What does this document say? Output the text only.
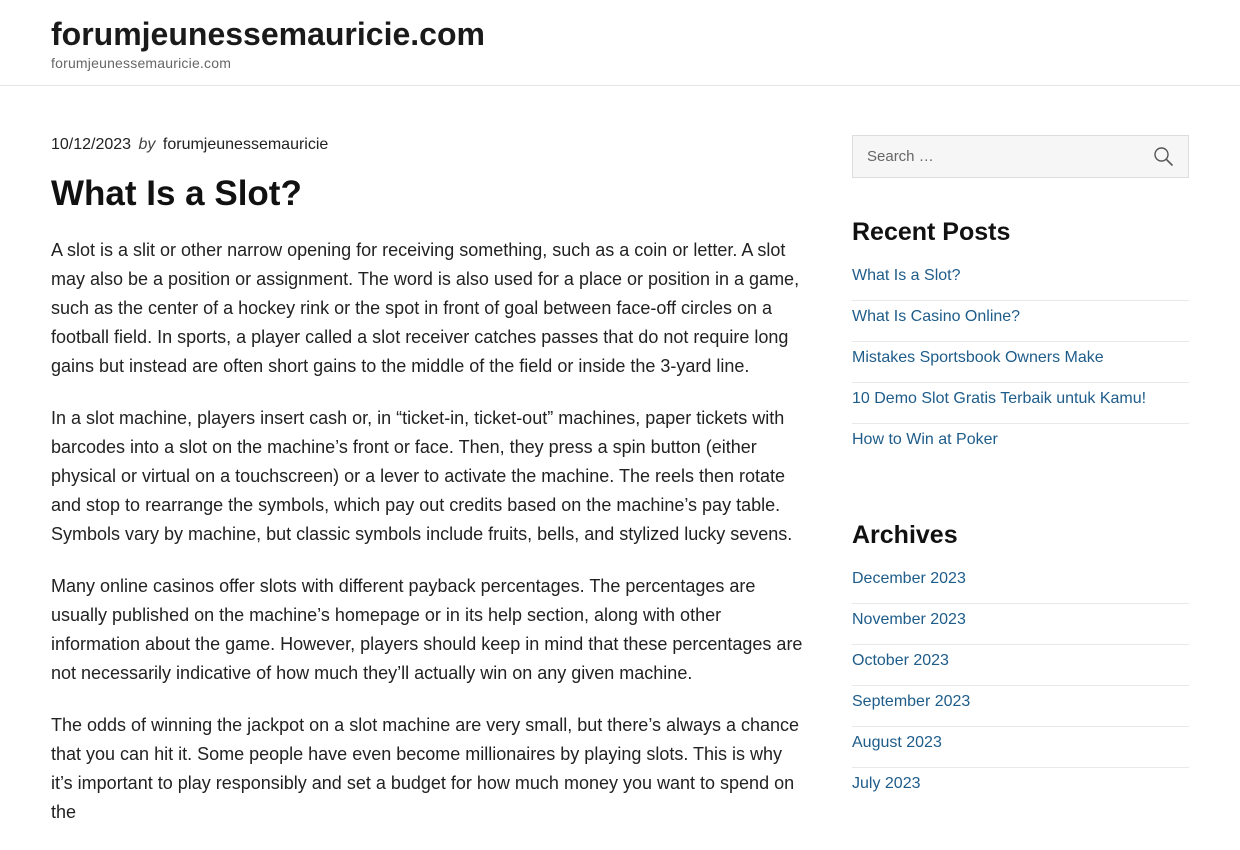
forumjeunessemauricie.com
forumjeunessemauricie.com
10/12/2023 by forumjeunessemauricie
What Is a Slot?

A slot is a slit or other narrow opening for receiving something, such as a coin or letter. A slot may also be a position or assignment. The word is also used for a place or position in a game, such as the center of a hockey rink or the spot in front of goal between face-off circles on a football field. In sports, a player called a slot receiver catches passes that do not require long gains but instead are often short gains to the middle of the field or inside the 3-yard line.

In a slot machine, players insert cash or, in “ticket-in, ticket-out” machines, paper tickets with barcodes into a slot on the machine’s front or face. Then, they press a spin button (either physical or virtual on a touchscreen) or a lever to activate the machine. The reels then rotate and stop to rearrange the symbols, which pay out credits based on the machine’s pay table. Symbols vary by machine, but classic symbols include fruits, bells, and stylized lucky sevens.

Many online casinos offer slots with different payback percentages. The percentages are usually published on the machine’s homepage or in its help section, along with other information about the game. However, players should keep in mind that these percentages are not necessarily indicative of how much they’ll actually win on any given machine.

The odds of winning the jackpot on a slot machine are very small, but there’s always a chance that you can hit it. Some people have even become millionaires by playing slots. This is why it’s important to play responsibly and set a budget for how much money you want to spend on the

Search …
Recent Posts
What Is a Slot?
What Is Casino Online?
Mistakes Sportsbook Owners Make
10 Demo Slot Gratis Terbaik untuk Kamu!
How to Win at Poker
Archives
December 2023
November 2023
October 2023
September 2023
August 2023
July 2023
